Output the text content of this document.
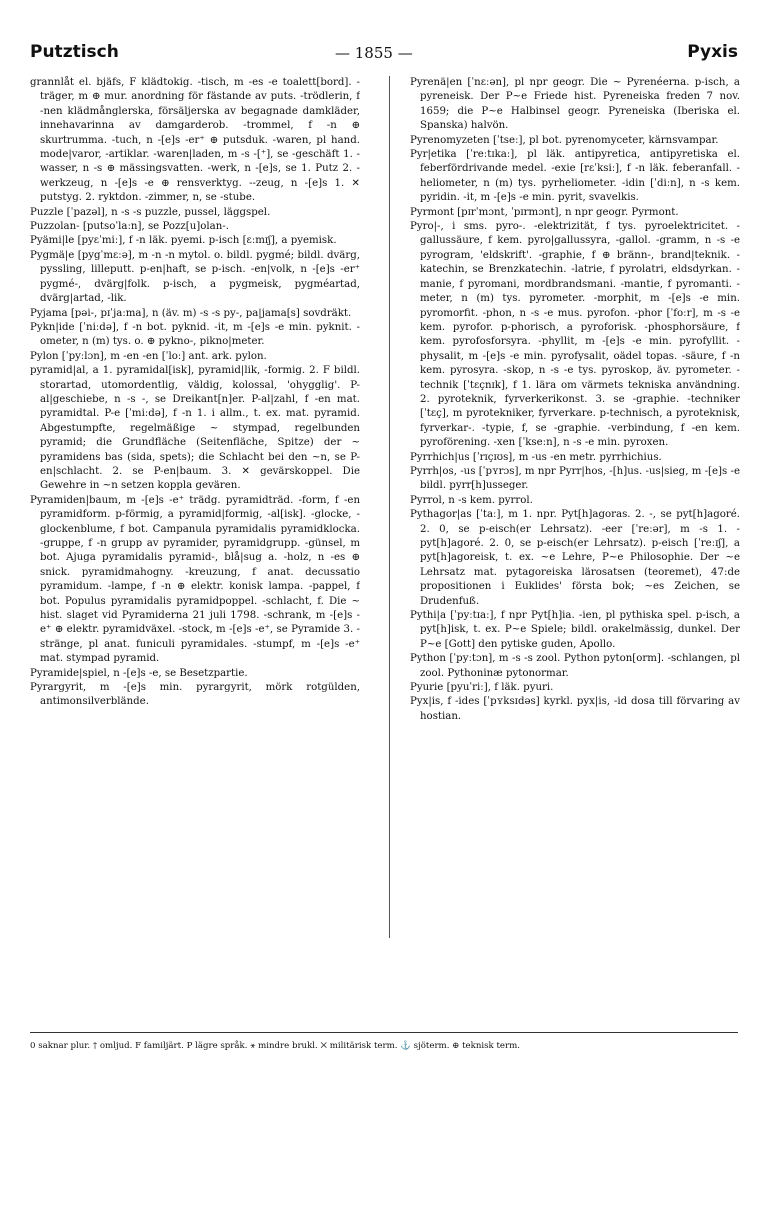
Putztisch	— 1855 —	Pyxis

grannlåt el. bjäfs, F klädtokig. -tisch, m -es -e toalett[bord]. -träger, m ⊕ mur. anordning för fästande av puts. -trödlerin, f -nen klädmånglerska, försäljerska av begagnade damkläder, innehavarinna av damgarderob. -trommel, f -n ⊕ skurtrumma. -tuch, n -[e]s -er⁺ ⊕ putsduk. -waren, pl hand. mode|varor, -artiklar. -waren|laden, m -s -[⁺], se -geschäft 1. -wasser, n -s ⊕ mässingsvatten. -werk, n -[e]s, se 1. Putz 2. -werkzeug, n -[e]s -e ⊕ rensverktyg. --zeug, n -[e]s 1. ✕ putstyg. 2. ryktdon. -zimmer, n, se -stube.

Puzzle [ˈpazəl], n -s -s puzzle, pussel, läggspel.

Puzzolan- [putsoˈlaːn], se Pozz[u]olan-.

Pyämi|le [pyɛˈmiː], f -n läk. pyemi. p-isch [ɛːmɪʃ], a pyemisk.

Pygmä|e [pygˈmɛːə], m -n -n mytol. o. bildl. pygmé; bildl. dvärg, pyssling, lilleputt. p-en|haft, se p-isch. -en|volk, n -[e]s -er⁺ pygmé-, dvärg|folk. p-isch, a pygmeisk, pygméartad, dvärg|artad, -lik.

Pyjama [pəi-, pɪˈjaːma], n (äv. m) -s -s py-, pa|jama[s] sovdräkt.

Pykn|ide [ˈniːdə], f -n bot. pyknid. -it, m -[e]s -e min. pyknit. -ometer, n (m) tys. o. ⊕ pykno-, pikno|meter.

Pylon [ˈpyːlɔn], m -en -en [ˈloː] ant. ark. pylon.

pyramid|al, a 1. pyramidal[isk], pyramid|lik, -formig. 2. F bildl. storartad, utomordentlig, väldig, kolossal, 'ohygglig'. P-al|geschiebe, n -s -, se Dreikant[n]er. P-al|zahl, f -en mat. pyramidtal. P-e [ˈmiːdə], f -n 1. i allm., t. ex. mat. pyramid. Abgestumpfte, regelmäßige ~ stympad, regelbunden pyramid; die Grundfläche (Seitenfläche, Spitze) der ~ pyramidens bas (sida, spets); die Schlacht bei den ~n, se P-en|schlacht. 2. se P-en|baum. 3. ✕ gevärskoppel. Die Gewehre in ~n setzen koppla gevären.

Pyramiden|baum, m -[e]s -e⁺ trädg. pyramidträd. -form, f -en pyramidform. p-förmig, a pyramid|formig, -al[isk]. -glocke, -glockenblume, f bot. Campanula pyramidalis pyramidklocka. -gruppe, f -n grupp av pyramider, pyramidgrupp. -günsel, m bot. Ajuga pyramidalis pyramid-, blå|sug a. -holz, n -es ⊕ snick. pyramidmahogny. -kreuzung, f anat. decussatio pyramidum. -lampe, f -n ⊕ elektr. konisk lampa. -pappel, f bot. Populus pyramidalis pyramidpoppel. -schlacht, f. Die ~ hist. slaget vid Pyramiderna 21 juli 1798. -schrank, m -[e]s -e⁺ ⊕ elektr. pyramidväxel. -stock, m -[e]s -e⁺, se Pyramide 3. -stränge, pl anat. funiculi pyramidales. -stumpf, m -[e]s -e⁺ mat. stympad pyramid.

Pyramide|spiel, n -[e]s -e, se Besetzpartie.

Pyrargyrit, m -[e]s min. pyrargyrit, mörk rotgülden, antimonsilverblände.

Pyrenä|en [ˈnɛːən], pl npr geogr. Die ~ Pyrenéerna. p-isch, a pyreneisk. Der P~e Friede hist. Pyreneiska freden 7 nov. 1659; die P~e Halbinsel geogr. Pyreneiska (Iberiska el. Spanska) halvön.

Pyrenomyzeten [ˈtseː], pl bot. pyrenomyceter, kärnsvampar.

Pyr|etika [ˈreːtɪkaː], pl läk. antipyretica, antipyretiska el. feberfördrivande medel. -exie [rɛˈksiː], f -n läk. feberanfall. -heliometer, n (m) tys. pyrheliometer. -idin [ˈdiːn], n -s kem. pyridin. -it, m -[e]s -e min. pyrit, svavelkis.

Pyrmont [pɪrˈmɔnt, ˈpɪrmɔnt], n npr geogr. Pyrmont.

Pyro|-, i sms. pyro-. -elektrizität, f tys. pyroelektricitet. -gallussäure, f kem. pyro|gallussyra, -gallol. -gramm, n -s -e pyrogram, 'eldskrift'. -graphie, f ⊕ bränn-, brand|teknik. -katechin, se Brenzkatechin. -latrie, f pyrolatri, eldsdyrkan. -manie, f pyromani, mordbrandsmani. -mantie, f pyromanti. -meter, n (m) tys. pyrometer. -morphit, m -[e]s -e min. pyromorfit. -phon, n -s -e mus. pyrofon. -phor [ˈfoːr], m -s -e kem. pyrofor. p-phorisch, a pyroforisk. -phosphorsäure, f kem. pyrofosforsyra. -phyllit, m -[e]s -e min. pyrofyllit. -physalit, m -[e]s -e min. pyrofysalit, oädel topas. -säure, f -n kem. pyrosyra. -skop, n -s -e tys. pyroskop, äv. pyrometer. -technik [ˈtɛçnɪk], f 1. lära om värmets tekniska användning. 2. pyroteknik, fyrverkerikonst. 3. se -graphie. -techniker [ˈtɛç], m pyrotekniker, fyrverkare. p-technisch, a pyroteknisk, fyrverkar-. -typie, f, se -graphie. -verbindung, f -en kem. pyroförening. -xen [ˈkseːn], n -s -e min. pyroxen.

Pyrrhich|us [ˈrɪçɪʊs], m -us -en metr. pyrrhichius.

Pyrrh|os, -us [ˈpʏrɔs], m npr Pyrr|hos, -[h]us. -us|sieg, m -[e]s -e bildl. pyrr[h]usseger.

Pyrrol, n -s kem. pyrrol.

Pythagor|as [ˈtaː], m 1. npr. Pyt[h]agoras. 2. -, se pyt[h]agoré. 2. 0, se p-eisch(er Lehrsatz). -eer [ˈreːər], m -s 1. - pyt[h]agoré. 2. 0, se p-eisch(er Lehrsatz). p-eisch [ˈreːɪʃ], a pyt[h]agoreisk, t. ex. ~e Lehre, P~e Philosophie. Der ~e Lehrsatz mat. pytagoreiska lärosatsen (teoremet), 47:de propositionen i Euklides' första bok; ~es Zeichen, se Drudenfuß.

Pythi|a [ˈpyːtɪaː], f npr Pyt[h]ia. -ien, pl pythiska spel. p-isch, a pyt[h]isk, t. ex. P~e Spiele; bildl. orakelmässig, dunkel. Der P~e [Gott] den pytiske guden, Apollo.

Python [ˈpyːtɔn], m -s -s zool. Python pyton[orm]. -schlangen, pl zool. Pythoninæ pytonormar.

Pyurie [pyuˈriː], f läk. pyuri.

Pyx|is, f -ides [ˈpʏksɪdəs] kyrkl. pyx|is, -id dosa till förvaring av hostian.

0 saknar plur. † omljud. F familjärt. P lägre språk. ⚹ mindre brukl. ✕ militärisk term. ⚓ sjöterm. ⊕ teknisk term.
